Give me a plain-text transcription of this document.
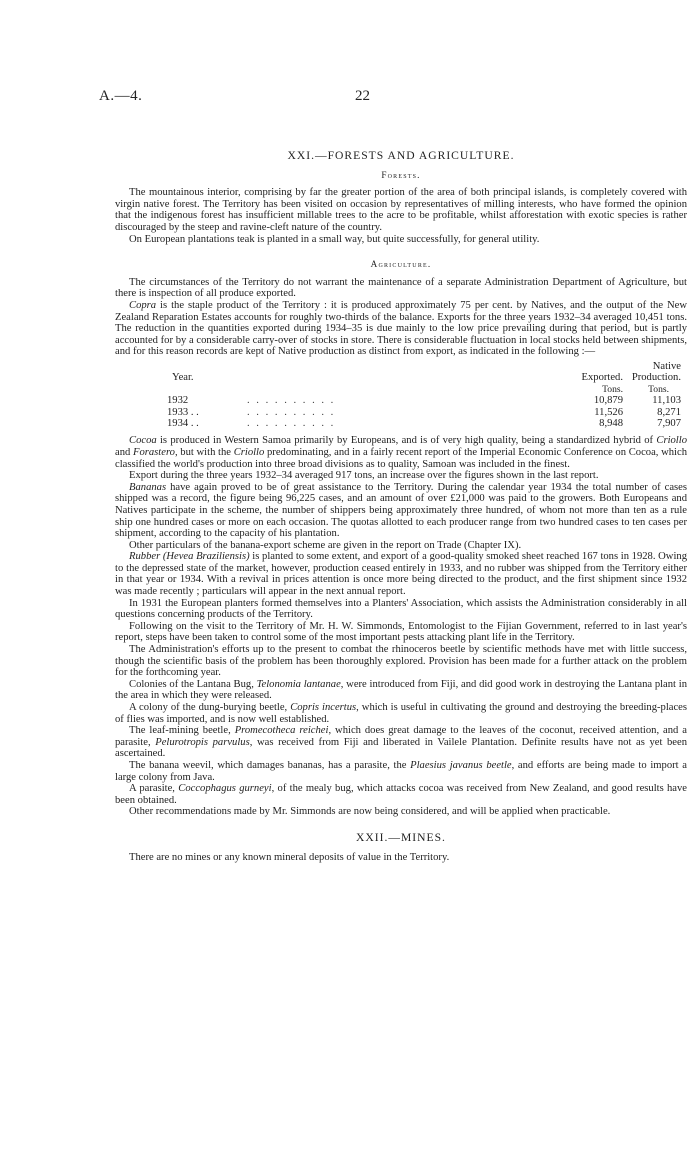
A.—4.	22
XXI.—FORESTS AND AGRICULTURE.
Forests.

The mountainous interior, comprising by far the greater portion of the area of both principal islands, is completely covered with virgin native forest. The Territory has been visited on occasion by representatives of milling interests, who have formed the opinion that the indigenous forest has insufficient millable trees to the acre to be profitable, whilst afforestation with exotic species is rather discouraged by the steep and ravine-cleft nature of the country.

On European plantations teak is planted in a small way, but quite successfully, for general utility.

Agriculture.

The circumstances of the Territory do not warrant the maintenance of a separate Administration Department of Agriculture, but there is inspection of all produce exported.

Copra is the staple product of the Territory : it is produced approximately 75 per cent. by Natives, and the output of the New Zealand Reparation Estates accounts for roughly two-thirds of the balance. Exports for the three years 1932–34 averaged 10,451 tons. The reduction in the quantities exported during 1934–35 is due mainly to the low price prevailing during that period, but is partly accounted for by a considerable carry-over of stocks in store. There is considerable fluctuation in local stocks held between shipments, and for this reason records are kept of Native production as distinct from export, as indicated in the following :—

Year.		Exported.	Native Production.
		Tons.	Tons.
1932	. . . . . . . . . .	10,879	11,103
1933 . .	. . . . . . . . . .	11,526	8,271
1934 . .	. . . . . . . . . .	8,948	7,907

Cocoa is produced in Western Samoa primarily by Europeans, and is of very high quality, being a standardized hybrid of Criollo and Forastero, but with the Criollo predominating, and in a fairly recent report of the Imperial Economic Conference on Cocoa, which classified the world's production into three broad divisions as to quality, Samoan was included in the finest.

Export during the three years 1932–34 averaged 917 tons, an increase over the figures shown in the last report.

Bananas have again proved to be of great assistance to the Territory. During the calendar year 1934 the total number of cases shipped was a record, the figure being 96,225 cases, and an amount of over £21,000 was paid to the growers. Both Europeans and Natives participate in the scheme, the number of shippers being approximately three hundred, of whom not more than ten as a rule ship one hundred cases or more on each occasion. The quotas allotted to each producer range from two hundred cases to ten cases per shipment, according to the capacity of his plantation.

Other particulars of the banana-export scheme are given in the report on Trade (Chapter IX).

Rubber (Hevea Braziliensis) is planted to some extent, and export of a good-quality smoked sheet reached 167 tons in 1928. Owing to the depressed state of the market, however, production ceased entirely in 1933, and no rubber was shipped from the Territory either in that year or 1934. With a revival in prices attention is once more being directed to the product, and the first shipment since 1932 was made recently ; particulars will appear in the next annual report.

In 1931 the European planters formed themselves into a Planters' Association, which assists the Administration considerably in all questions concerning products of the Territory.

Following on the visit to the Territory of Mr. H. W. Simmonds, Entomologist to the Fijian Government, referred to in last year's report, steps have been taken to control some of the most important pests attacking plant life in the Territory.

The Administration's efforts up to the present to combat the rhinoceros beetle by scientific methods have met with little success, though the scientific basis of the problem has been thoroughly explored. Provision has been made for a further attack on the problem for the forthcoming year.

Colonies of the Lantana Bug, Telonomia lantanae, were introduced from Fiji, and did good work in destroying the Lantana plant in the area in which they were released.

A colony of the dung-burying beetle, Copris incertus, which is useful in cultivating the ground and destroying the breeding-places of flies was imported, and is now well established.

The leaf-mining beetle, Promecotheca reichei, which does great damage to the leaves of the coconut, received attention, and a parasite, Pelurotropis parvulus, was received from Fiji and liberated in Vailele Plantation. Definite results have not as yet been ascertained.

The banana weevil, which damages bananas, has a parasite, the Plaesius javanus beetle, and efforts are being made to import a large colony from Java.

A parasite, Coccophagus gurneyi, of the mealy bug, which attacks cocoa was received from New Zealand, and good results have been obtained.

Other recommendations made by Mr. Simmonds are now being considered, and will be applied when practicable.

XXII.—MINES.

There are no mines or any known mineral deposits of value in the Territory.
